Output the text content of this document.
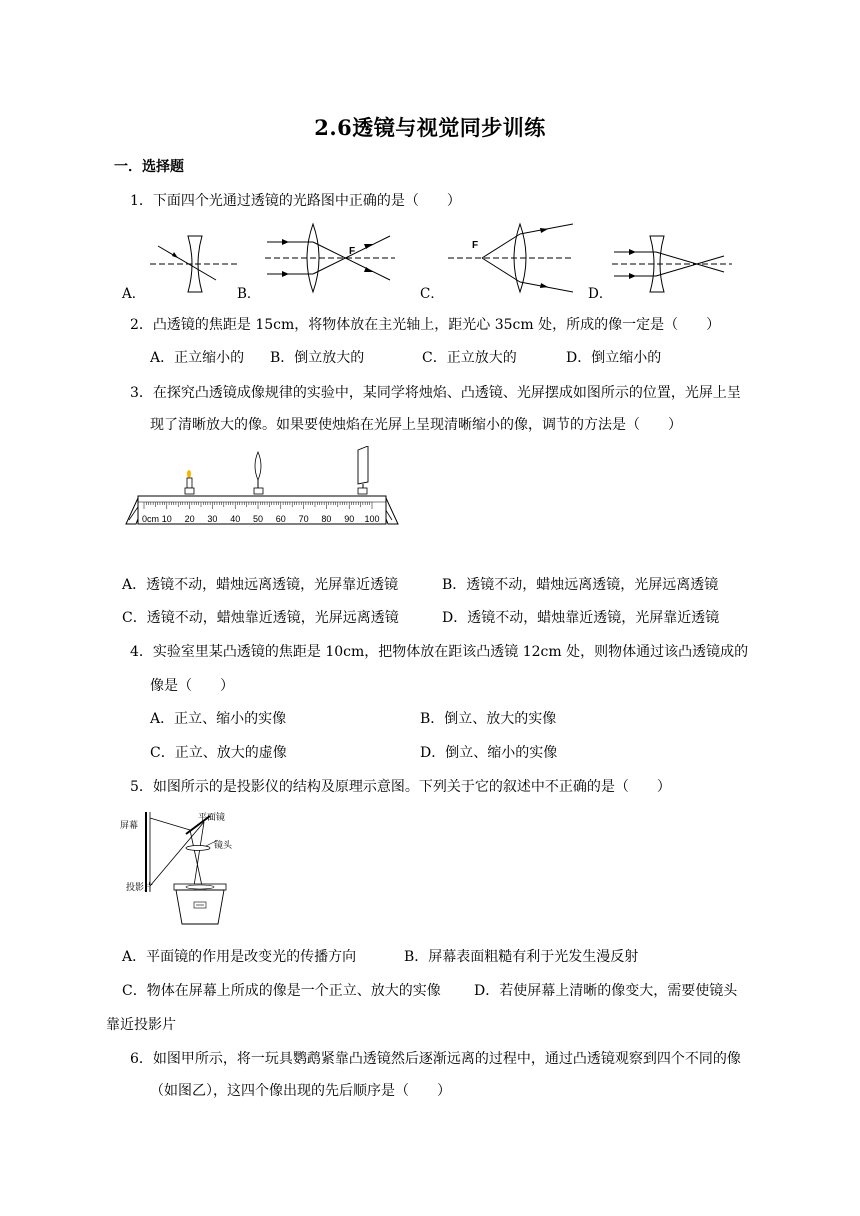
2.6透镜与视觉同步训练
一．选择题
1．下面四个光通过透镜的光路图中正确的是（　　）
A．
F
B．
F
C．	D．
2．凸透镜的焦距是 15cm，将物体放在主光轴上，距光心 35cm 处，所成的像一定是（　　）
A．正立缩小的 B．倒立放大的	C．正立放大的	D．倒立缩小的
3．在探究凸透镜成像规律的实验中，某同学将烛焰、凸透镜、光屏摆成如图所示的位置，光屏上呈
现了清晰放大的像。如果要使烛焰在光屏上呈现清晰缩小的像，调节的方法是（　　）
0cm 10 20 30 40 50 60 70 80 90 100
A．透镜不动，蜡烛远离透镜，光屏靠近透镜	B．透镜不动，蜡烛远离透镜，光屏远离透镜
C．透镜不动，蜡烛靠近透镜，光屏远离透镜	D．透镜不动，蜡烛靠近透镜，光屏靠近透镜
4．实验室里某凸透镜的焦距是 10cm，把物体放在距该凸透镜 12cm 处，则物体通过该凸透镜成的
像是（　　）
A．正立、缩小的实像	B．倒立、放大的实像
C．正立、放大的虚像	D．倒立、缩小的实像
5．如图所示的是投影仪的结构及原理示意图。下列关于它的叙述中不正确的是（　　）
屏幕
平面镜
镜头
投影片
A．平面镜的作用是改变光的传播方向	B．屏幕表面粗糙有利于光发生漫反射
C．物体在屏幕上所成的像是一个正立、放大的实像 D．若使屏幕上清晰的像变大，需要使镜头
靠近投影片
6．如图甲所示，将一玩具鹦鹉紧靠凸透镜然后逐渐远离的过程中，通过凸透镜观察到四个不同的像
（如图乙），这四个像出现的先后顺序是（　　）
